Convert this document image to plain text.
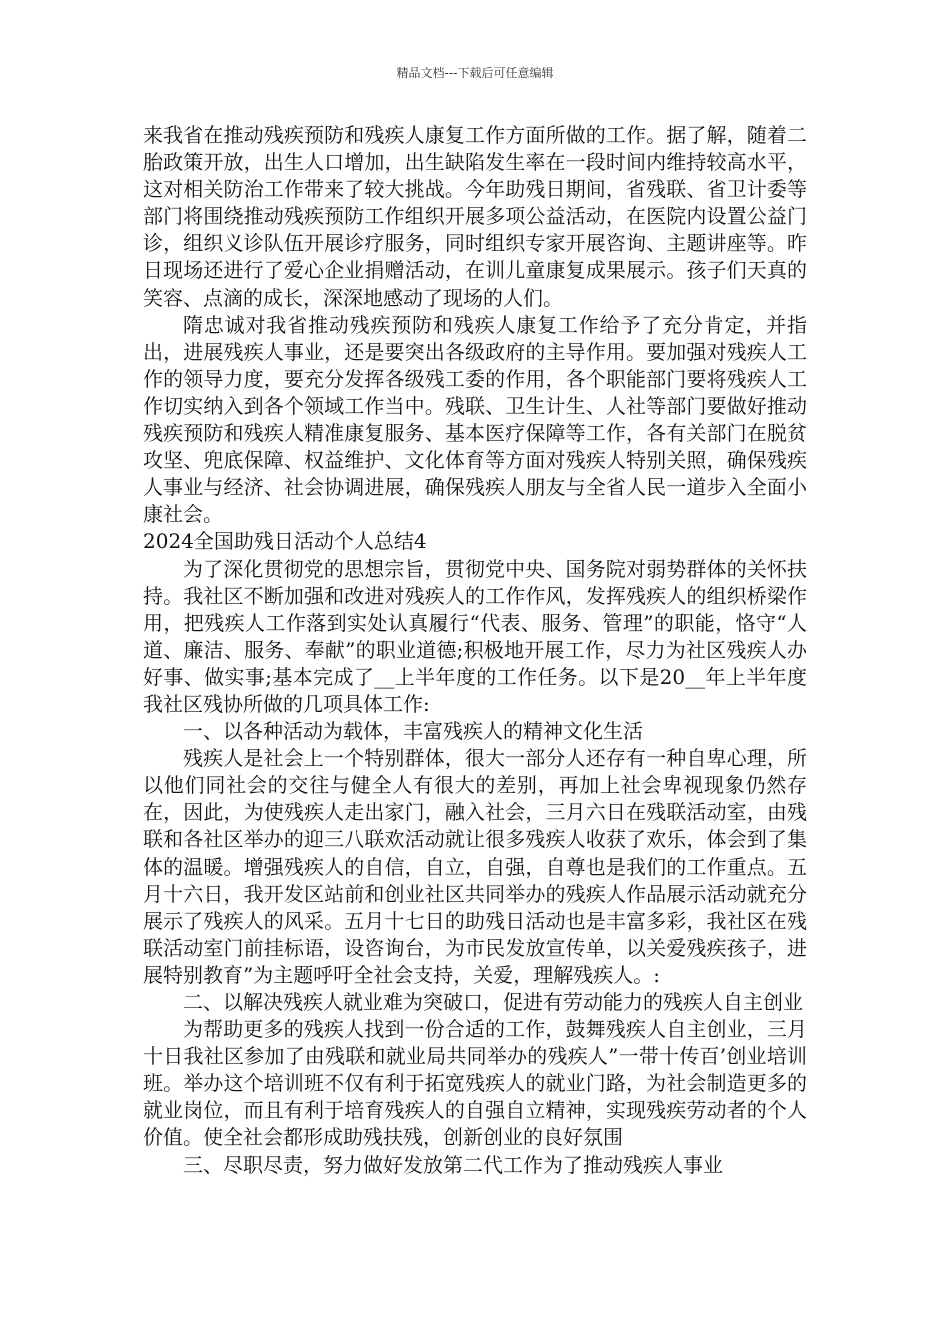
精品文档---下载后可任意编辑

来我省在推动残疾预防和残疾人康复工作方面所做的工作。据了解，随着二胎政策开放，出生人口增加，出生缺陷发生率在一段时间内维持较高水平，这对相关防治工作带来了较大挑战。今年助残日期间，省残联、省卫计委等部门将围绕推动残疾预防工作组织开展多项公益活动，在医院内设置公益门诊，组织义诊队伍开展诊疗服务，同时组织专家开展咨询、主题讲座等。昨日现场还进行了爱心企业捐赠活动，在训儿童康复成果展示。孩子们天真的笑容、点滴的成长，深深地感动了现场的人们。

隋忠诚对我省推动残疾预防和残疾人康复工作给予了充分肯定，并指出，进展残疾人事业，还是要突出各级政府的主导作用。要加强对残疾人工作的领导力度，要充分发挥各级残工委的作用，各个职能部门要将残疾人工作切实纳入到各个领域工作当中。残联、卫生计生、人社等部门要做好推动残疾预防和残疾人精准康复服务、基本医疗保障等工作，各有关部门在脱贫攻坚、兜底保障、权益维护、文化体育等方面对残疾人特别关照，确保残疾人事业与经济、社会协调进展，确保残疾人朋友与全省人民一道步入全面小康社会。

2024全国助残日活动个人总结4

为了深化贯彻党的思想宗旨，贯彻党中央、国务院对弱势群体的关怀扶持。我社区不断加强和改进对残疾人的工作作风，发挥残疾人的组织桥梁作用，把残疾人工作落到实处认真履行“代表、服务、管理”的职能，恪守“人道、廉洁、服务、奉献”的职业道德;积极地开展工作，尽力为社区残疾人办好事、做实事;基本完成了__上半年度的工作任务。以下是20__年上半年度我社区残协所做的几项具体工作:

一、以各种活动为载体，丰富残疾人的精神文化生活

残疾人是社会上一个特别群体，很大一部分人还存有一种自卑心理，所以他们同社会的交往与健全人有很大的差别，再加上社会卑视现象仍然存在，因此，为使残疾人走出家门，融入社会，三月六日在残联活动室，由残联和各社区举办的迎三八联欢活动就让很多残疾人收获了欢乐，体会到了集体的温暖。增强残疾人的自信，自立，自强，自尊也是我们的工作重点。五月十六日，我开发区站前和创业社区共同举办的残疾人作品展示活动就充分展示了残疾人的风采。五月十七日的助残日活动也是丰富多彩，我社区在残联活动室门前挂标语，设咨询台，为市民发放宣传单，以关爱残疾孩子，进展特别教育”为主题呼吁全社会支持，关爱，理解残疾人。:

二、以解决残疾人就业难为突破口，促进有劳动能力的残疾人自主创业

为帮助更多的残疾人找到一份合适的工作，鼓舞残疾人自主创业，三月十日我社区参加了由残联和就业局共同举办的残疾人”一带十传百’创业培训班。举办这个培训班不仅有利于拓宽残疾人的就业门路，为社会制造更多的就业岗位，而且有利于培育残疾人的自强自立精神，实现残疾劳动者的个人价值。使全社会都形成助残扶残，创新创业的良好氛围

三、尽职尽责，努力做好发放第二代工作为了推动残疾人事业
